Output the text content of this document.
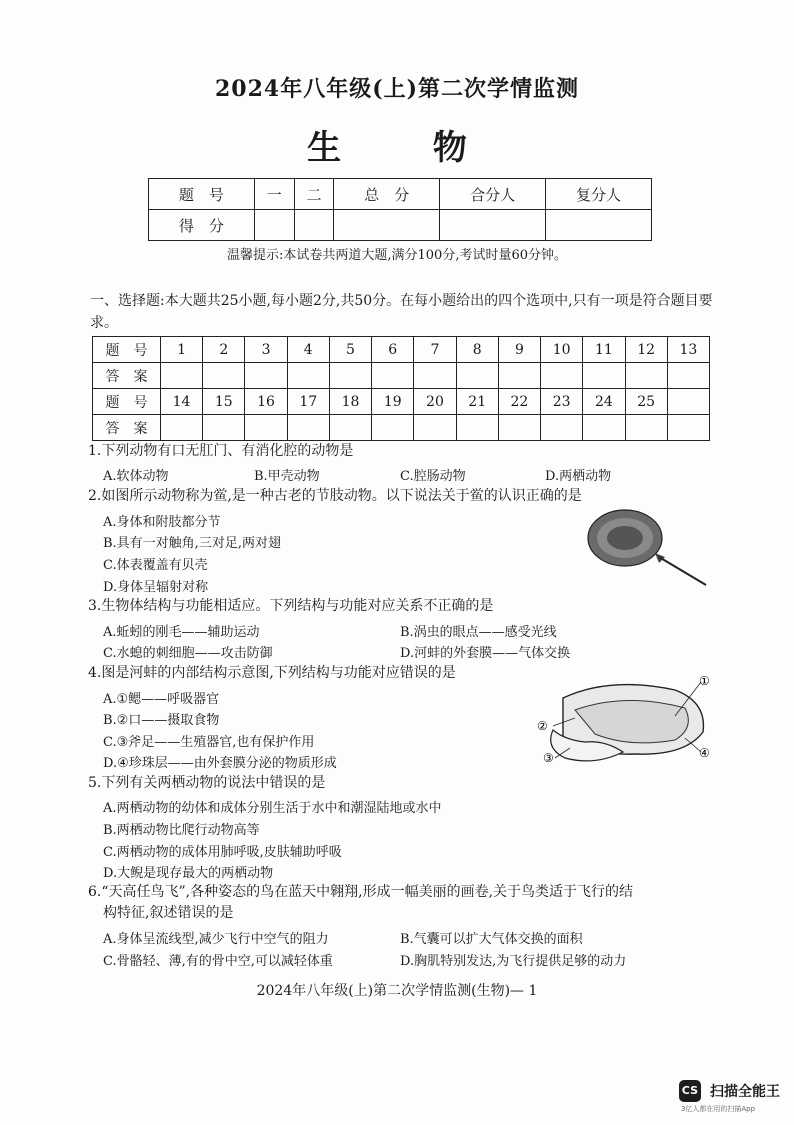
2024年八年级(上)第二次学情监测
生 物
题　号	一	二	总　分	合分人	复分人
得　分					
温馨提示:本试卷共两道大题,满分100分,考试时量60分钟。
一、选择题:本大题共25小题,每小题2分,共50分。在每小题给出的四个选项中,只有一项是符合题目要求。
题　号	1	2	3	4	5	6	7	8	9	10	11	12	13
答　案													
题　号	14	15	16	17	18	19	20	21	22	23	24	25	
答　案													
1.下列动物有口无肛门、有消化腔的动物是
A.软体动物	B.甲壳动物	C.腔肠动物	D.两栖动物
2.如图所示动物称为鲎,是一种古老的节肢动物。以下说法关于鲎的认识正确的是
A.身体和附肢都分节
B.具有一对触角,三对足,两对翅
C.体表覆盖有贝壳
D.身体呈辐射对称
3.生物体结构与功能相适应。下列结构与功能对应关系不正确的是
A.蚯蚓的刚毛——辅助运动	B.涡虫的眼点——感受光线
C.水螅的刺细胞——攻击防御	D.河蚌的外套膜——气体交换
4.图是河蚌的内部结构示意图,下列结构与功能对应错误的是
A.①鳃——呼吸器官
B.②口——摄取食物
C.③斧足——生殖器官,也有保护作用
D.④珍珠层——由外套膜分泌的物质形成
①
②
③	④
5.下列有关两栖动物的说法中错误的是
A.两栖动物的幼体和成体分别生活于水中和潮湿陆地或水中
B.两栖动物比爬行动物高等
C.两栖动物的成体用肺呼吸,皮肤辅助呼吸
D.大鲵是现存最大的两栖动物
6.“天高任鸟飞”,各种姿态的鸟在蓝天中翱翔,形成一幅美丽的画卷,关于鸟类适于飞行的结
构特征,叙述错误的是
A.身体呈流线型,减少飞行中空气的阻力	B.气囊可以扩大气体交换的面积
C.骨骼轻、薄,有的骨中空,可以减轻体重	D.胸肌特别发达,为飞行提供足够的动力
2024年八年级(上)第二次学情监测(生物)— 1
CS 扫描全能王
3亿人都在用的扫描App
